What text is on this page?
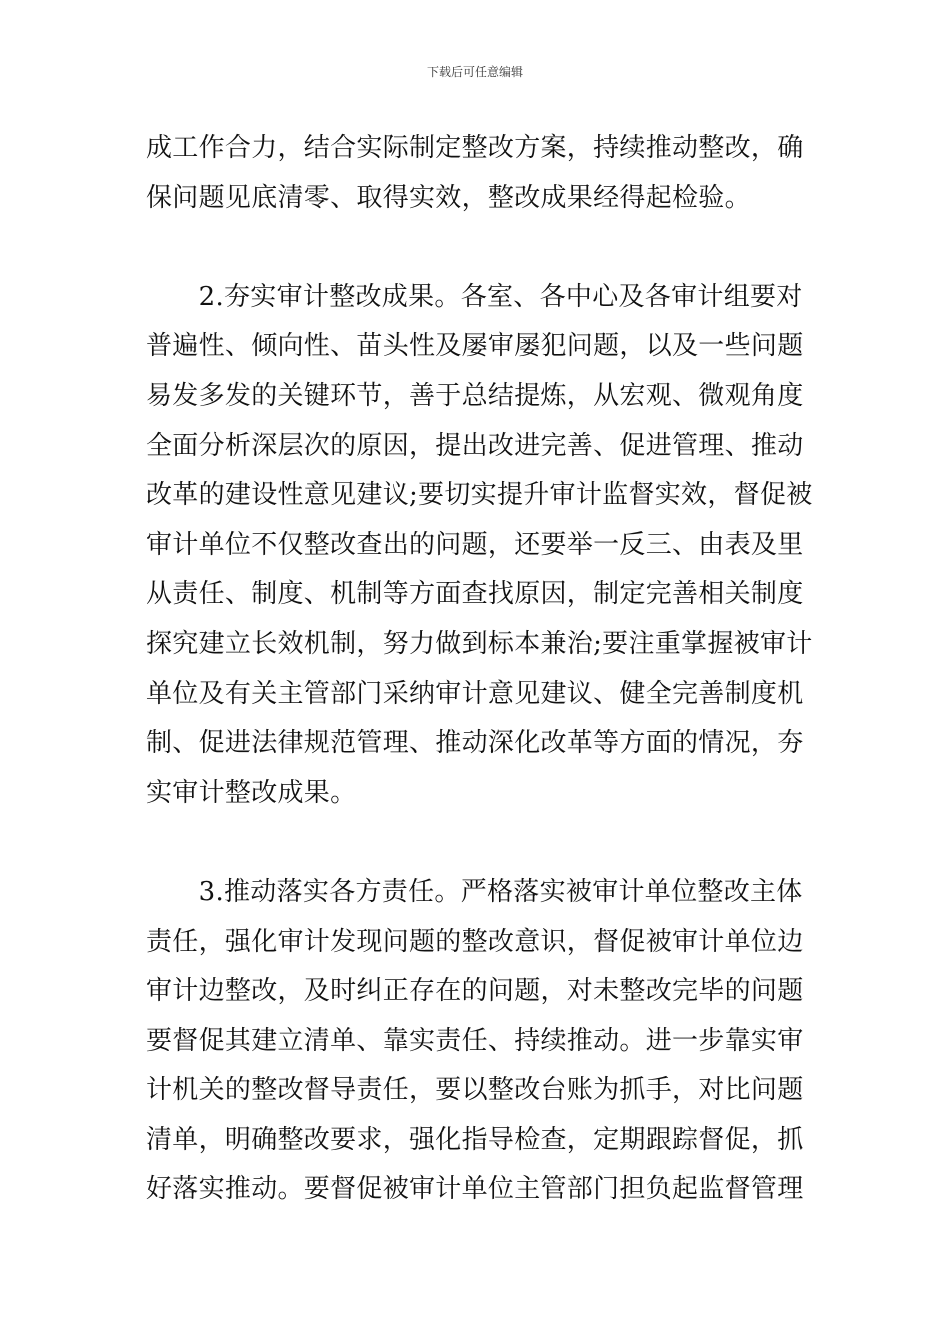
下载后可任意编辑
成工作合力，结合实际制定整改方案，持续推动整改，确
保问题见底清零、取得实效，整改成果经得起检验。
　　2.夯实审计整改成果。各室、各中心及各审计组要对
普遍性、倾向性、苗头性及屡审屡犯问题，以及一些问题
易发多发的关键环节，善于总结提炼，从宏观、微观角度
全面分析深层次的原因，提出改进完善、促进管理、推动
改革的建设性意见建议;要切实提升审计监督实效，督促被
审计单位不仅整改查出的问题，还要举一反三、由表及里
从责任、制度、机制等方面查找原因，制定完善相关制度
探究建立长效机制，努力做到标本兼治;要注重掌握被审计
单位及有关主管部门采纳审计意见建议、健全完善制度机
制、促进法律规范管理、推动深化改革等方面的情况，夯
实审计整改成果。
　　3.推动落实各方责任。严格落实被审计单位整改主体
责任，强化审计发现问题的整改意识，督促被审计单位边
审计边整改，及时纠正存在的问题，对未整改完毕的问题
要督促其建立清单、靠实责任、持续推动。进一步靠实审
计机关的整改督导责任，要以整改台账为抓手，对比问题
清单，明确整改要求，强化指导检查，定期跟踪督促，抓
好落实推动。要督促被审计单位主管部门担负起监督管理
